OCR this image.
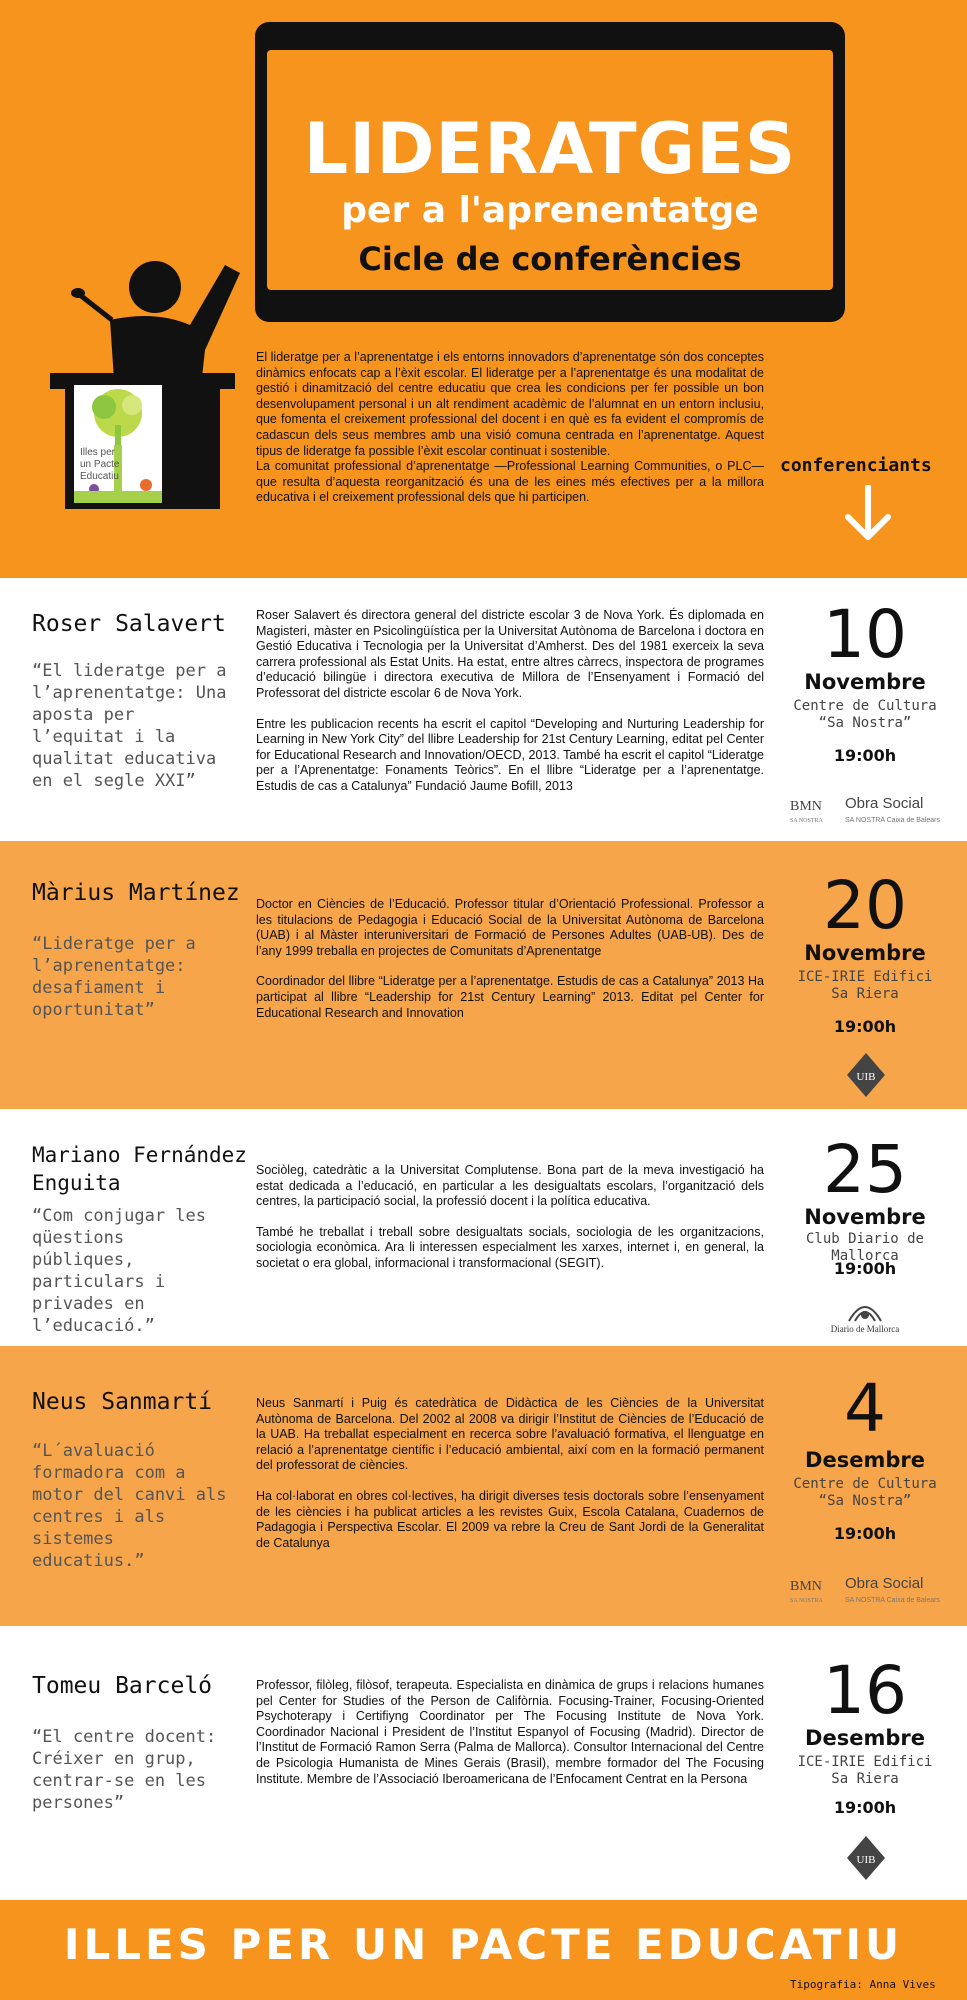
LIDERATGES
per a l'aprenentatge
Cicle de conferències
Illes per un Pacte Educatiu

El lideratge per a l’aprenentatge i els entorns innovadors d’aprenentatge són dos conceptes dinàmics enfocats cap a l’èxit escolar. El lideratge per a l’aprenentatge és una modalitat de gestió i dinamització del centre educatiu que crea les condicions per fer possible un bon desenvolupament personal i un alt rendiment acadèmic de l’alumnat en un entorn inclusiu, que fomenta el creixement professional del docent i en què es fa evident el compromís de cadascun dels seus membres amb una visió comuna centrada en l’aprenentatge. Aquest tipus de lideratge fa possible l’èxit escolar continuat i sostenible.

La comunitat professional d’aprenentatge —Professional Learning Communities, o PLC— que resulta d’aquesta reorganització és una de les eines més efectives per a la millora educativa i el creixement professional dels que hi participen.

conferenciants
Roser Salavert
“El lideratge per a l’aprenentatge: Una aposta per l’equitat i la qualitat educativa en el segle XXI”

Roser Salavert és directora general del districte escolar 3 de Nova York. És diplomada en Magisteri, màster en Psicolingüística per la Universitat Autònoma de Barcelona i doctora en Gestió Educativa i Tecnologia per la Universitat d’Amherst. Des del 1981 exerceix la seva carrera professional als Estat Units. Ha estat, entre altres càrrecs, inspectora de programes d’educació bilingüe i directora executiva de Millora de l’Ensenyament i Formació del Professorat del districte escolar 6 de Nova York.

Entre les publicacion recents ha escrit el capitol “Developing and Nurturing Leadership for Learning in New York City” del llibre Leadership for 21st Century Learning, editat pel Center for Educational Research and Innovation/OECD, 2013. També ha escrit el capitol “Lideratge per a l’Aprenentatge: Fonaments Teòrics”. En el llibre “Lideratge per a l’aprenentatge. Estudis de cas a Catalunya” Fundació Jaume Bofill, 2013

10
Novembre
Centre de Cultura “Sa Nostra”
19:00h
BMN
SA NOSTRA
Obra Social
SA NOSTRA Caixa de Balears
Màrius Martínez
“Lideratge per a l’aprenentatge: desafiament i oportunitat”

Doctor en Ciències de l’Educació. Professor titular d’Orientació Professional. Professor a les titulacions de Pedagogia i Educació Social de la Universitat Autònoma de Barcelona (UAB) i al Màster interuniversitari de Formació de Persones Adultes (UAB-UB). Des de l’any 1999 treballa en projectes de Comunitats d’Aprenentatge

Coordinador del llibre “Lideratge per a l’aprenentatge. Estudis de cas a Catalunya” 2013 Ha participat al llibre “Leadership for 21st Century Learning” 2013. Editat pel Center for Educational Research and Innovation

20
Novembre
ICE-IRIE Edifici Sa Riera
19:00h
UIB
Mariano Fernández Enguita
“Com conjugar les qüestions públiques, particulars i privades en l’educació.”

Sociòleg, catedràtic a la Universitat Complutense. Bona part de la meva investigació ha estat dedicada a l’educació, en particular a les desigualtats escolars, l’organització dels centres, la participació social, la professió docent i la política educativa.

També he treballat i treball sobre desigualtats socials, sociologia de les organitzacions, sociologia econòmica. Ara li interessen especialment les xarxes, internet i, en general, la societat o era global, informacional i transformacional (SEGIT).

25
Novembre
Club Diario de Mallorca
19:00h
Diario de Mallorca
Neus Sanmartí
“L´avaluació formadora com a motor del canvi als centres i als sistemes educatius.”

Neus Sanmartí i Puig és catedràtica de Didàctica de les Ciències de la Universitat Autònoma de Barcelona. Del 2002 al 2008 va dirigir l’Institut de Ciències de l’Educació de la UAB. Ha treballat especialment en recerca sobre l’avaluació formativa, el llenguatge en relació a l’aprenentatge científic i l’educació ambiental, així com en la formació permanent del professorat de ciències.

Ha col·laborat en obres col·lectives, ha dirigit diverses tesis doctorals sobre l’ensenyament de les ciències i ha publicat articles a les revistes Guix, Escola Catalana, Cuadernos de Padagogia i Perspectiva Escolar. El 2009 va rebre la Creu de Sant Jordi de la Generalitat de Catalunya

4
Desembre
Centre de Cultura “Sa Nostra”
19:00h
BMN
SA NOSTRA
Obra Social
SA NOSTRA Caixa de Balears
Tomeu Barceló
“El centre docent: Créixer en grup, centrar-se en les persones”

Professor, filòleg, filòsof, terapeuta. Especialista en dinàmica de grups i relacions humanes pel Center for Studies of the Person de Califòrnia. Focusing-Trainer, Focusing-Oriented Psychoterapy i Certifiyng Coordinator per The Focusing Institute de Nova York. Coordinador Nacional i President de l’Institut Espanyol of Focusing (Madrid). Director de l’Institut de Formació Ramon Serra (Palma de Mallorca). Consultor Internacional del Centre de Psicologia Humanista de Mines Gerais (Brasil), membre formador del The Focusing Institute. Membre de l’Associació Iberoamericana de l’Enfocament Centrat en la Persona

16
Desembre
ICE-IRIE Edifici Sa Riera
19:00h
UIB
ILLES PER UN PACTE EDUCATIU
Tipografia: Anna Vives
